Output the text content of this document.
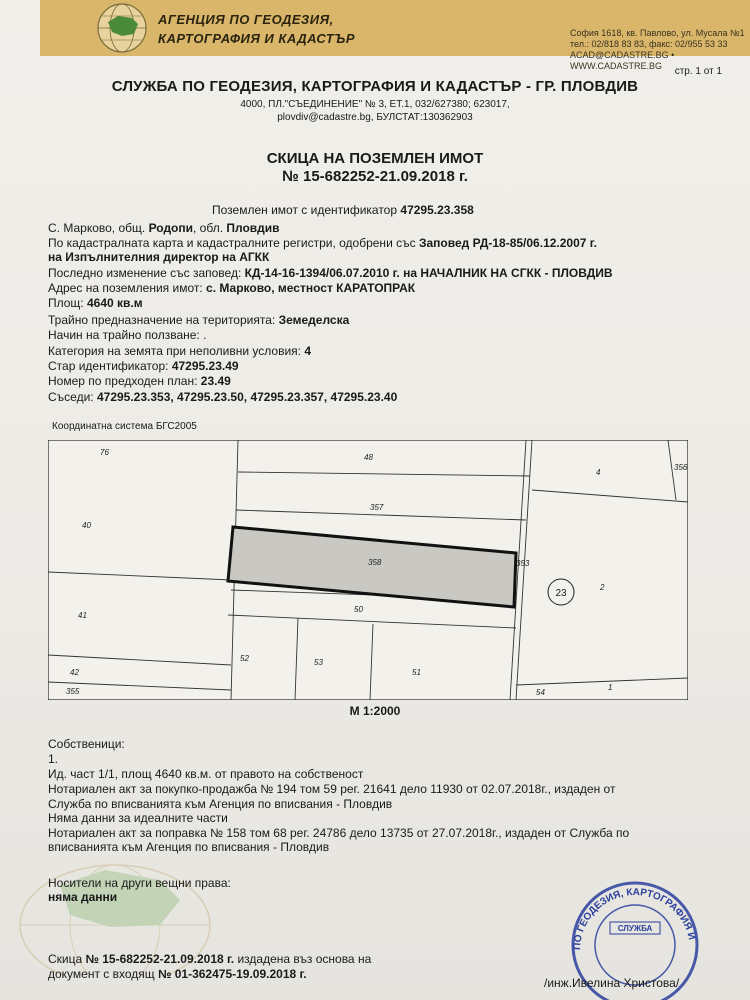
АГЕНЦИЯ ПО ГЕОДЕЗИЯ,
КАРТОГРАФИЯ И КАДАСТЪР	София 1618, кв. Павлово, ул. Мусала №1
тел.: 02/818 83 83, факс: 02/955 53 33
ACAD@CADASTRE.BG • WWW.CADASTRE.BG	стр. 1 от 1
СЛУЖБА ПО ГЕОДЕЗИЯ, КАРТОГРАФИЯ И КАДАСТЪР - ГР. ПЛОВДИВ
4000, ПЛ."СЪЕДИНЕНИЕ" № 3, ЕТ.1, 032/627380; 623017,
plovdiv@cadastre.bg, БУЛСТАТ:130362903
СКИЦА НА ПОЗЕМЛЕН ИМОТ
№ 15-682252-21.09.2018 г.
Поземлен имот с идентификатор 47295.23.358
С. Марково, общ. Родопи, обл. Пловдив
По кадастралната карта и кадастралните регистри, одобрени със Заповед РД-18-85/06.12.2007 г.
на Изпълнителния директор на АГКК
Последно изменение със заповед: КД-14-16-1394/06.07.2010 г. на НАЧАЛНИК НА СГКК - ПЛОВДИВ
Адрес на поземления имот: с. Марково, местност КАРАТОПРАК
Площ: 4640 кв.м
Трайно предназначение на територията: Земеделска
Начин на трайно ползване: .
Категория на земята при неполивни условия: 4
Стар идентификатор: 47295.23.49
Номер по предходен план: 23.49
Съседи: 47295.23.353, 47295.23.50, 47295.23.357, 47295.23.40
Координатна система БГС2005
76
48
4
356
40
357
358	353
23
2
50
41
52	53
51
42
355	54
1
М 1:2000
Собственици:
1.
Ид. част 1/1, площ 4640 кв.м. от правото на собственост
Нотариален акт за покупко-продажба № 194 том 59 рег. 21641 дело 11930 от 02.07.2018г., издаден от
Служба по вписванията към Агенция по вписвания - Пловдив
Няма данни за идеалните части
Нотариален акт за поправка № 158 том 68 рег. 24786 дело 13735 от 27.07.2018г., издаден от Служба по
вписванията към Агенция по вписвания - Пловдив
Носители на други вещни права:
няма данни
Скица № 15-682252-21.09.2018 г. издадена въз основа на
документ с входящ № 01-362475-19.09.2018 г.
ПО ГЕОДЕЗИЯ, КАРТОГРАФИЯ И
СЛУЖБА
/инж.Ивелина Христова/
